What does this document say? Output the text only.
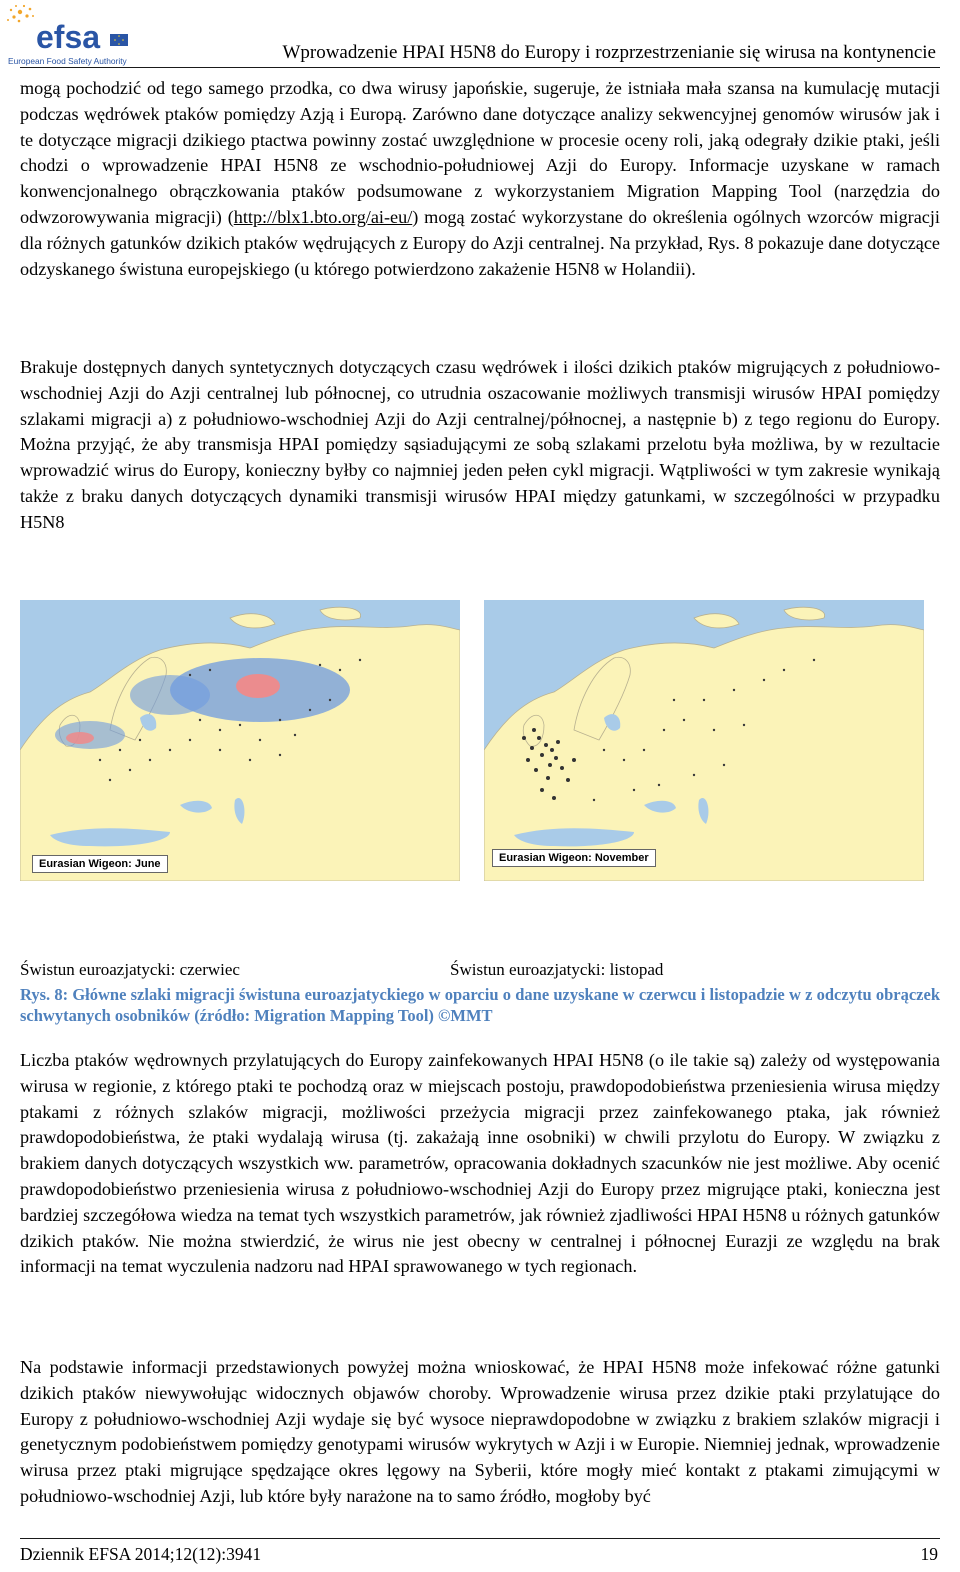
efsa
European Food Safety Authority	Wprowadzenie HPAI H5N8 do Europy i rozprzestrzenianie się wirusa na kontynencie

mogą pochodzić od tego samego przodka, co dwa wirusy japońskie, sugeruje, że istniała mała szansa na kumulację mutacji podczas wędrówek ptaków pomiędzy Azją i Europą. Zarówno dane dotyczące analizy sekwencyjnej genomów wirusów jak i te dotyczące migracji dzikiego ptactwa powinny zostać uwzględnione w procesie oceny roli, jaką odegrały dzikie ptaki, jeśli chodzi o wprowadzenie HPAI H5N8 ze wschodnio-południowej Azji do Europy. Informacje uzyskane w ramach konwencjonalnego obrączkowania ptaków podsumowane z wykorzystaniem Migration Mapping Tool (narzędzia do odwzorowywania migracji) (http://blx1.bto.org/ai-eu/) mogą zostać wykorzystane do określenia ogólnych wzorców migracji dla różnych gatunków dzikich ptaków wędrujących z Europy do Azji centralnej. Na przykład, Rys. 8 pokazuje dane dotyczące odzyskanego świstuna europejskiego (u którego potwierdzono zakażenie H5N8 w Holandii).

Brakuje dostępnych danych syntetycznych dotyczących czasu wędrówek i ilości dzikich ptaków migrujących z południowo-wschodniej Azji do Azji centralnej lub północnej, co utrudnia oszacowanie możliwych transmisji wirusów HPAI pomiędzy szlakami migracji a) z południowo-wschodniej Azji do Azji centralnej/północnej, a następnie b) z tego regionu do Europy. Można przyjąć, że aby transmisja HPAI pomiędzy sąsiadującymi ze sobą szlakami przelotu była możliwa, by w rezultacie wprowadzić wirus do Europy, konieczny byłby co najmniej jeden pełen cykl migracji. Wątpliwości w tym zakresie wynikają także z braku danych dotyczących dynamiki transmisji wirusów HPAI między gatunkami, w szczególności w przypadku H5N8

Eurasian Wigeon: June	Eurasian Wigeon: November
Świstun euroazjatycki: czerwiec	Świstun euroazjatycki: listopad

Rys. 8: Główne szlaki migracji świstuna euroazjatyckiego w oparciu o dane uzyskane w czerwcu i listopadzie w z odczytu obrączek schwytanych osobników (źródło: Migration Mapping Tool) ©MMT

Liczba ptaków wędrownych przylatujących do Europy zainfekowanych HPAI H5N8 (o ile takie są) zależy od występowania wirusa w regionie, z którego ptaki te pochodzą oraz w miejscach postoju, prawdopodobieństwa przeniesienia wirusa między ptakami z różnych szlaków migracji, możliwości przeżycia migracji przez zainfekowanego ptaka, jak również prawdopodobieństwa, że ptaki wydalają wirusa (tj. zakażają inne osobniki) w chwili przylotu do Europy. W związku z brakiem danych dotyczących wszystkich ww. parametrów, opracowania dokładnych szacunków nie jest możliwe. Aby ocenić prawdopodobieństwo przeniesienia wirusa z południowo-wschodniej Azji do Europy przez migrujące ptaki, konieczna jest bardziej szczegółowa wiedza na temat tych wszystkich parametrów, jak również zjadliwości HPAI H5N8 u różnych gatunków dzikich ptaków. Nie można stwierdzić, że wirus nie jest obecny w centralnej i północnej Eurazji ze względu na brak informacji na temat wyczulenia nadzoru nad HPAI sprawowanego w tych regionach.

Na podstawie informacji przedstawionych powyżej można wnioskować, że HPAI H5N8 może infekować różne gatunki dzikich ptaków niewywołując widocznych objawów choroby. Wprowadzenie wirusa przez dzikie ptaki przylatujące do Europy z południowo-wschodniej Azji wydaje się być wysoce nieprawdopodobne w związku z brakiem szlaków migracji i genetycznym podobieństwem pomiędzy genotypami wirusów wykrytych w Azji i w Europie. Niemniej jednak, wprowadzenie wirusa przez ptaki migrujące spędzające okres lęgowy na Syberii, które mogły mieć kontakt z ptakami zimującymi w południowo-wschodniej Azji, lub które były narażone na to samo źródło, mogłoby być

Dziennik EFSA 2014;12(12):3941	19
